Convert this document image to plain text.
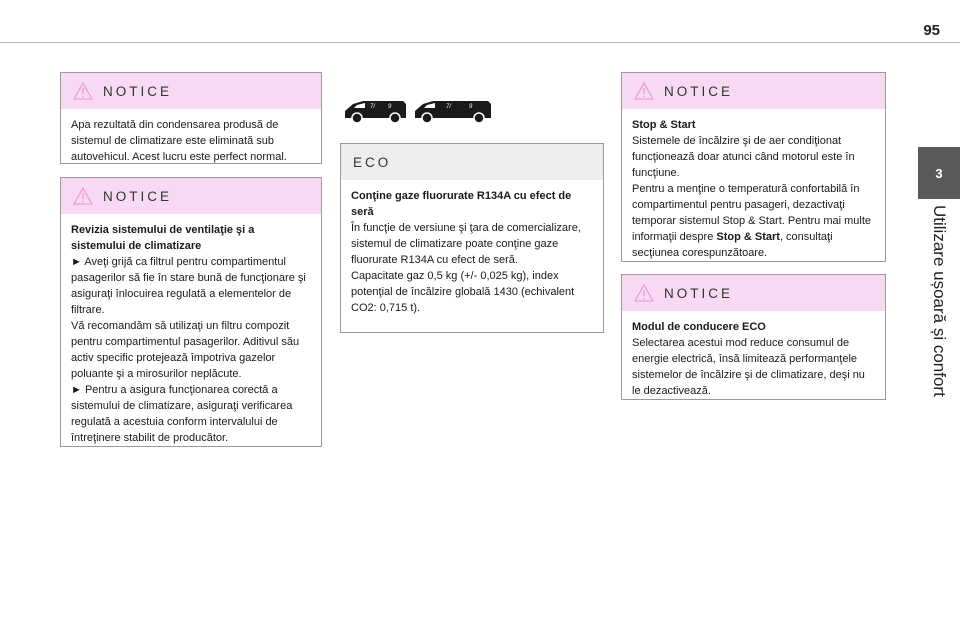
95
3
Utilizare ușoară și confort
NOTICE

Apa rezultată din condensarea produsă de sistemul de climatizare este eliminată sub autovehicul. Acest lucru este perfect normal.

NOTICE

Revizia sistemului de ventilaţie şi a sistemului de climatizare

► Aveţi grijă ca filtrul pentru compartimentul pasagerilor să fie în stare bună de funcţionare şi asiguraţi înlocuirea regulată a elementelor de filtrare.

Vă recomandăm să utilizaţi un filtru compozit pentru compartimentul pasagerilor. Aditivul său activ specific protejează împotriva gazelor poluante şi a mirosurilor neplăcute.

► Pentru a asigura funcţionarea corectă a sistemului de climatizare, asiguraţi verificarea regulată a acestuia conform intervalului de întreţinere stabilit de producător.

7/ 9	7/	9
ECO

Conţine gaze fluorurate R134A cu efect de seră

În funcţie de versiune şi ţara de comercializare, sistemul de climatizare poate conţine gaze fluorurate R134A cu efect de seră.

Capacitate gaz 0,5 kg (+/- 0,025 kg), index potenţial de încălzire globală 1430 (echivalent CO2: 0,715 t).

NOTICE

Stop & Start

Sistemele de încălzire şi de aer condiţionat funcţionează doar atunci când motorul este în funcţiune.

Pentru a menţine o temperatură confortabilă în compartimentul pentru pasageri, dezactivaţi temporar sistemul Stop & Start. Pentru mai multe informaţii despre Stop & Start, consultaţi secţiunea corespunzătoare.

NOTICE

Modul de conducere ECO

Selectarea acestui mod reduce consumul de energie electrică, însă limitează performanţele sistemelor de încălzire şi de climatizare, deşi nu le dezactivează.
